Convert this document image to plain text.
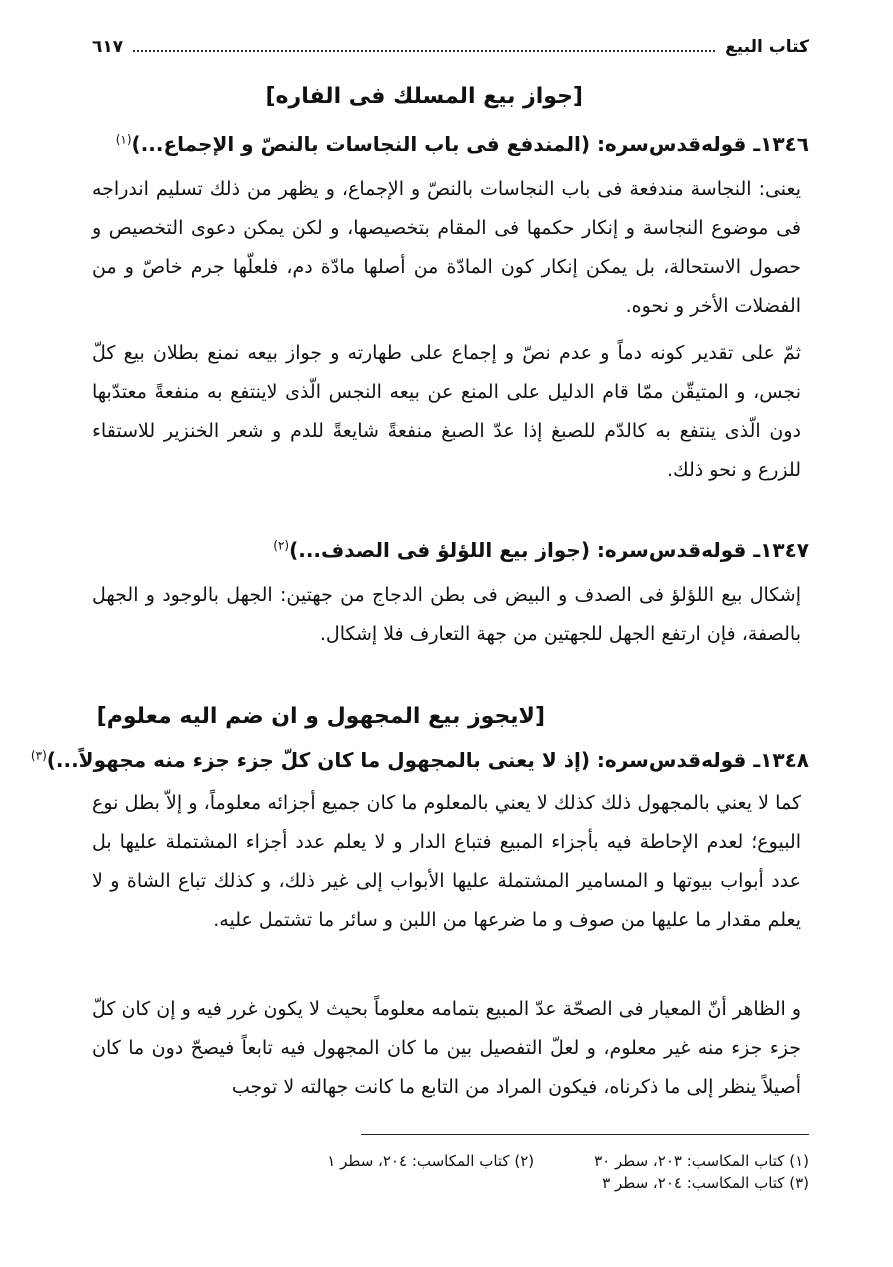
كتاب البيع
٦١٧
[جواز بيع المسلك فى الفاره]
١٣٤٦ـ قوله‌قدس‌سره: (المندفع فى باب النجاسات بالنصّ و الإجماع...)$^{(١)}$
يعنى: النجاسة مندفعة فى باب النجاسات بالنصّ و الإجماع، و يظهر من ذلك تسليم اندراجه فى موضوع النجاسة و إنكار حكمها فى المقام بتخصيصها، و لكن يمكن دعوى التخصيص و حصول الاستحالة، بل يمكن إنكار كون المادّة من أصلها مادّة دم، فلعلّها جرم خاصّ و من الفضلات الأخر و نحوه.
ثمّ على تقدير كونه دماً و عدم نصّ و إجماع على طهارته و جواز بيعه نمنع بطلان بيع كلّ نجس، و المتيقّن ممّا قام الدليل على المنع عن بيعه النجس الّذى لاينتفع به منفعةً معتدّبها دون الّذى ينتفع به كالدّم للصبغ إذا عدّ الصبغ منفعةً شايعةً للدم و شعر الخنزير للاستقاء للزرع و نحو ذلك.
١٣٤٧ـ قوله‌قدس‌سره: (جواز بيع اللؤلؤ فى الصدف...)$^{(٢)}$
إشكال بيع اللؤلؤ فى الصدف و البيض فى بطن الدجاج من جهتين: الجهل بالوجود و الجهل بالصفة، فإن ارتفع الجهل للجهتين من جهة التعارف فلا إشكال.
[لايجوز بيع المجهول و ان ضم اليه معلوم]
١٣٤٨ـ قوله‌قدس‌سره: (إذ لا يعنى بالمجهول ما كان كلّ جزء جزء منه مجهولاً...)$^{(٣)}$
كما لا يعني بالمجهول ذلك كذلك لا يعني بالمعلوم ما كان جميع أجزائه معلوماً، و إلاّ بطل نوع البيوع؛ لعدم الإحاطة فيه بأجزاء المبيع فتباع الدار و لا يعلم عدد أجزاء المشتملة عليها بل عدد أبواب بيوتها و المسامير المشتملة عليها الأبواب إلى غير ذلك، و كذلك تباع الشاة و لا يعلم مقدار ما عليها من صوف و ما ضرعها من اللبن و سائر ما تشتمل عليه.
و الظاهر أنّ المعيار فى الصحّة عدّ المبيع بتمامه معلوماً بحيث لا يكون غرر فيه و إن كان كلّ جزء جزء منه غير معلوم، و لعلّ التفصيل بين ما كان المجهول فيه تابعاً فيصحّ دون ما كان أصيلاً ينظر إلى ما ذكرناه، فيكون المراد من التابع ما كانت جهالته لا توجب
(١) كتاب المكاسب: ٢٠٣، سطر ٣٠
(٢) كتاب المكاسب: ٢٠٤، سطر ١
(٣) كتاب المكاسب: ٢٠٤، سطر ٣
